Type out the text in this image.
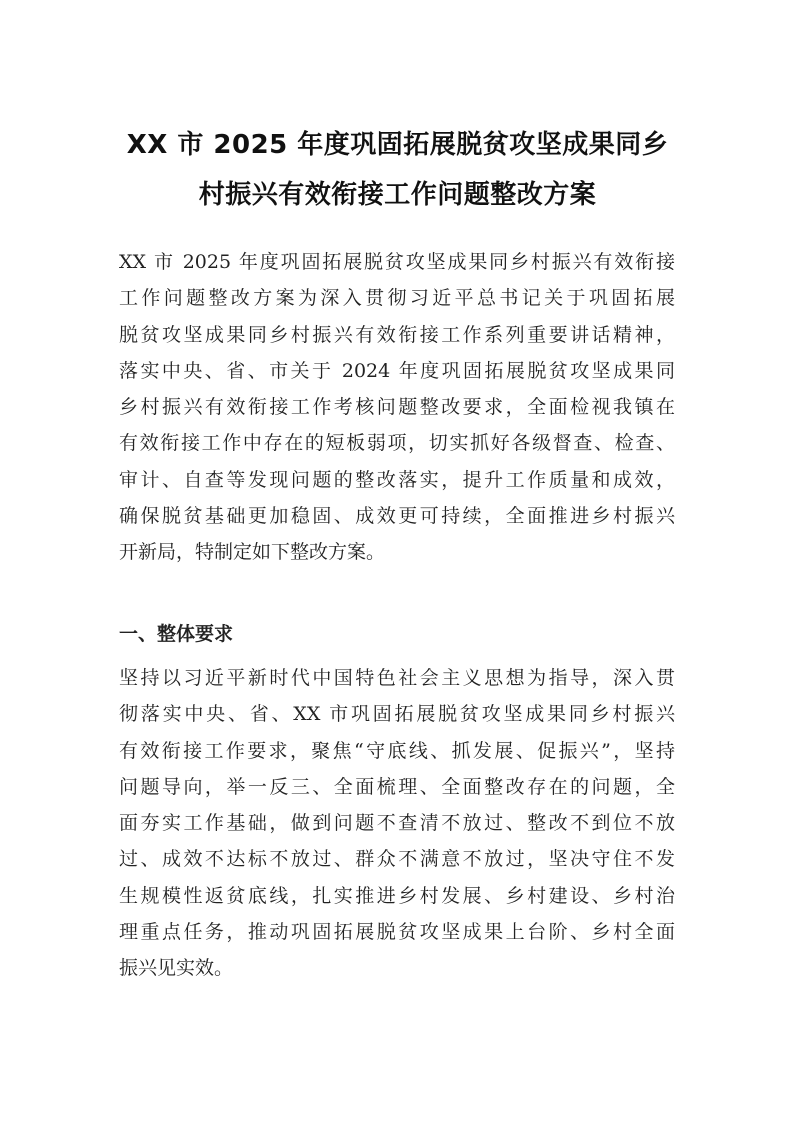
XX 市 2025 年度巩固拓展脱贫攻坚成果同乡
村振兴有效衔接工作问题整改方案

XX 市 2025 年度巩固拓展脱贫攻坚成果同乡村振兴有效衔接
工作问题整改方案为深入贯彻习近平总书记关于巩固拓展
脱贫攻坚成果同乡村振兴有效衔接工作系列重要讲话精神，
落实中央、省、市关于 2024 年度巩固拓展脱贫攻坚成果同
乡村振兴有效衔接工作考核问题整改要求，全面检视我镇在
有效衔接工作中存在的短板弱项，切实抓好各级督查、检查、
审计、自查等发现问题的整改落实，提升工作质量和成效，
确保脱贫基础更加稳固、成效更可持续，全面推进乡村振兴
开新局，特制定如下整改方案。

一、整体要求

坚持以习近平新时代中国特色社会主义思想为指导，深入贯
彻落实中央、省、XX 市巩固拓展脱贫攻坚成果同乡村振兴
有效衔接工作要求，聚焦“守底线、抓发展、促振兴”，坚持
问题导向，举一反三、全面梳理、全面整改存在的问题，全
面夯实工作基础，做到问题不查清不放过、整改不到位不放
过、成效不达标不放过、群众不满意不放过，坚决守住不发
生规模性返贫底线，扎实推进乡村发展、乡村建设、乡村治
理重点任务，推动巩固拓展脱贫攻坚成果上台阶、乡村全面
振兴见实效。
